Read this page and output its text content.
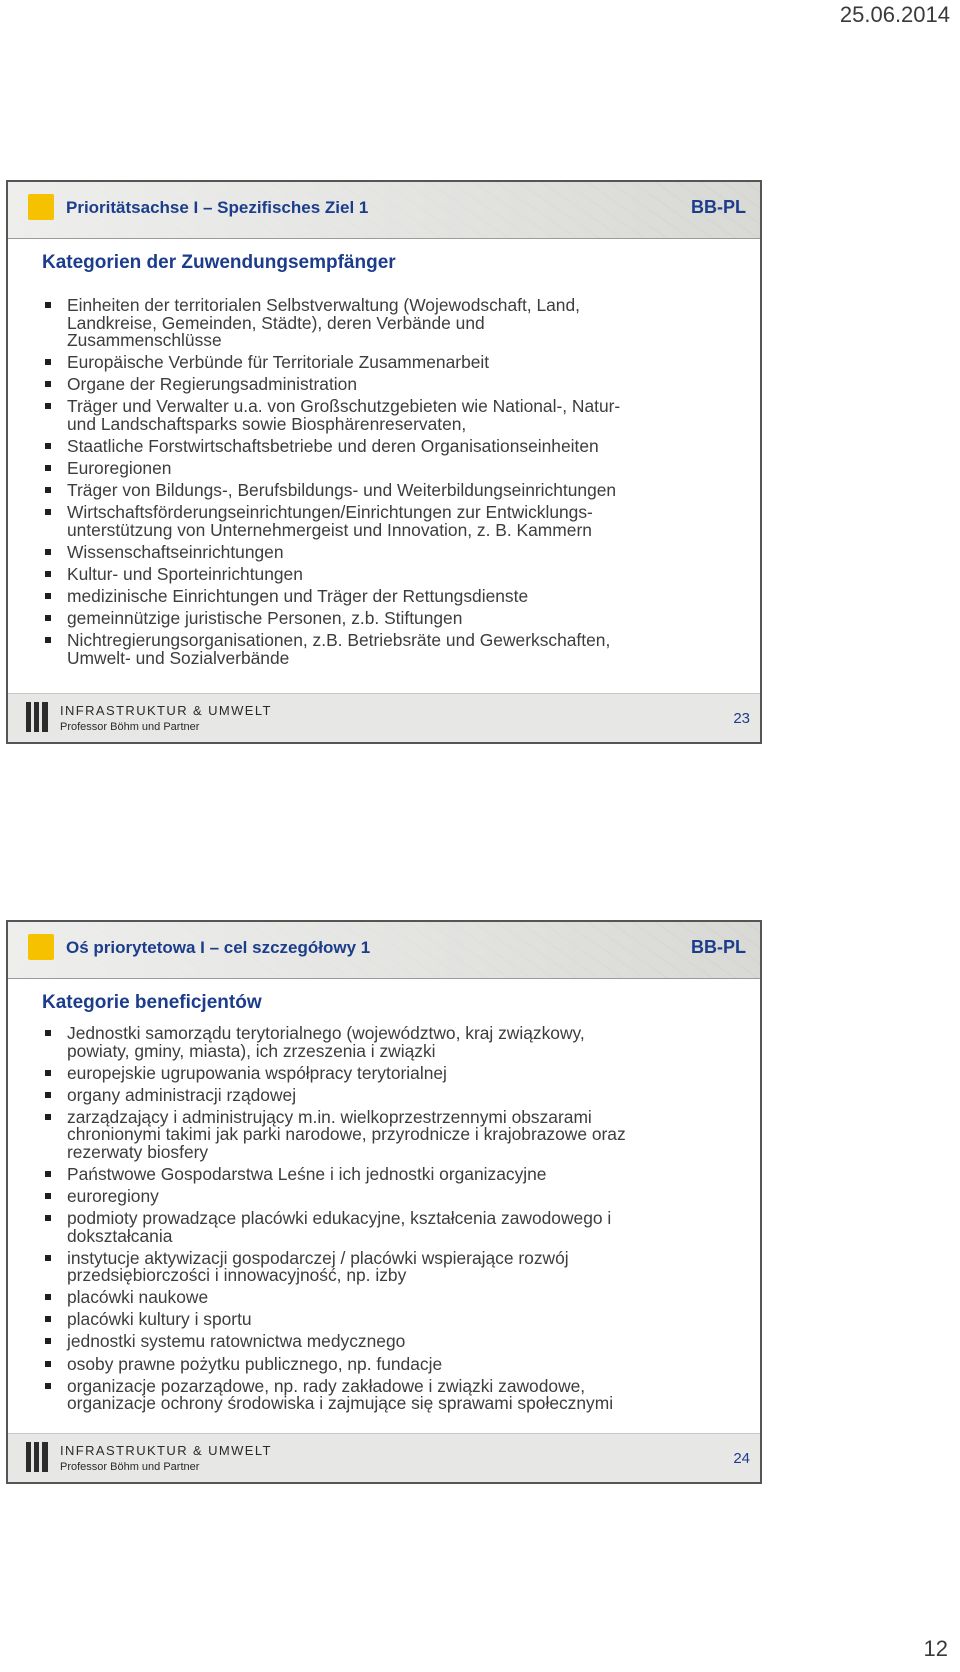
25.06.2014
Prioritätsachse I – Spezifisches Ziel 1	BB-PL
Kategorien der Zuwendungsempfänger
Einheiten der territorialen Selbstverwaltung (Wojewodschaft, Land,
Landkreise, Gemeinden, Städte), deren Verbände und
Zusammenschlüsse
Europäische Verbünde für Territoriale Zusammenarbeit
Organe der Regierungsadministration
Träger und Verwalter u.a. von Großschutzgebieten wie National-, Natur-
und Landschaftsparks sowie Biosphärenreservaten,
Staatliche Forstwirtschaftsbetriebe und deren Organisationseinheiten
Euroregionen
Träger von Bildungs-, Berufsbildungs- und Weiterbildungseinrichtungen
Wirtschaftsförderungseinrichtungen/Einrichtungen zur Entwicklungs-
unterstützung von Unternehmergeist und Innovation, z. B. Kammern
Wissenschaftseinrichtungen
Kultur- und Sporteinrichtungen
medizinische Einrichtungen und Träger der Rettungsdienste
gemeinnützige juristische Personen, z.b. Stiftungen
Nichtregierungsorganisationen, z.B. Betriebsräte und Gewerkschaften,
Umwelt- und Sozialverbände
INFRASTRUKTUR & UMWELT
Professor Böhm und Partner	23
Oś priorytetowa I – cel szczegółowy 1	BB-PL
Kategorie beneficjentów
Jednostki samorządu terytorialnego (województwo, kraj związkowy,
powiaty, gminy, miasta), ich zrzeszenia i związki
europejskie ugrupowania współpracy terytorialnej
organy administracji rządowej
zarządzający i administrujący m.in. wielkoprzestrzennymi obszarami
chronionymi takimi jak parki narodowe, przyrodnicze i krajobrazowe oraz
rezerwaty biosfery
Państwowe Gospodarstwa Leśne i ich jednostki organizacyjne
euroregiony
podmioty prowadzące placówki edukacyjne, kształcenia zawodowego i
dokształcania
instytucje aktywizacji gospodarczej / placówki wspierające rozwój
przedsiębiorczości i innowacyjność, np. izby
placówki naukowe
placówki kultury i sportu
jednostki systemu ratownictwa medycznego
osoby prawne pożytku publicznego, np. fundacje
organizacje pozarządowe, np. rady zakładowe i związki zawodowe,
organizacje ochrony środowiska i zajmujące się sprawami społecznymi
INFRASTRUKTUR & UMWELT
Professor Böhm und Partner	24
12
